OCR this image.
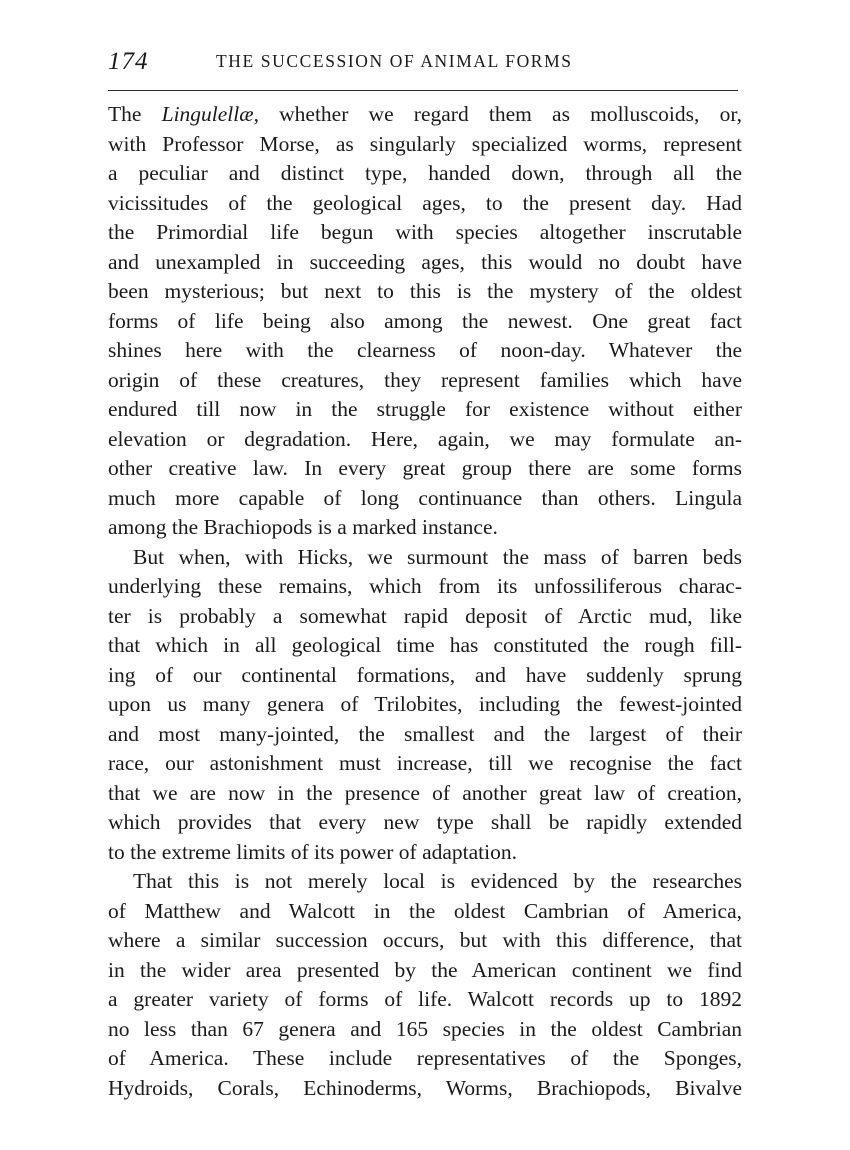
174	THE SUCCESSION OF ANIMAL FORMS
The Lingulellæ, whether we regard them as molluscoids, or,
with Professor Morse, as singularly specialized worms, represent
a peculiar and distinct type, handed down, through all the
vicissitudes of the geological ages, to the present day. Had
the Primordial life begun with species altogether inscrutable
and unexampled in succeeding ages, this would no doubt have
been mysterious; but next to this is the mystery of the oldest
forms of life being also among the newest. One great fact
shines here with the clearness of noon-day. Whatever the
origin of these creatures, they represent families which have
endured till now in the struggle for existence without either
elevation or degradation. Here, again, we may formulate an-
other creative law. In every great group there are some forms
much more capable of long continuance than others. Lingula
among the Brachiopods is a marked instance.
But when, with Hicks, we surmount the mass of barren beds
underlying these remains, which from its unfossiliferous charac-
ter is probably a somewhat rapid deposit of Arctic mud, like
that which in all geological time has constituted the rough fill-
ing of our continental formations, and have suddenly sprung
upon us many genera of Trilobites, including the fewest-jointed
and most many-jointed, the smallest and the largest of their
race, our astonishment must increase, till we recognise the fact
that we are now in the presence of another great law of creation,
which provides that every new type shall be rapidly extended
to the extreme limits of its power of adaptation.
That this is not merely local is evidenced by the researches
of Matthew and Walcott in the oldest Cambrian of America,
where a similar succession occurs, but with this difference, that
in the wider area presented by the American continent we find
a greater variety of forms of life. Walcott records up to 1892
no less than 67 genera and 165 species in the oldest Cambrian
of America. These include representatives of the Sponges,
Hydroids, Corals, Echinoderms, Worms, Brachiopods, Bivalve
